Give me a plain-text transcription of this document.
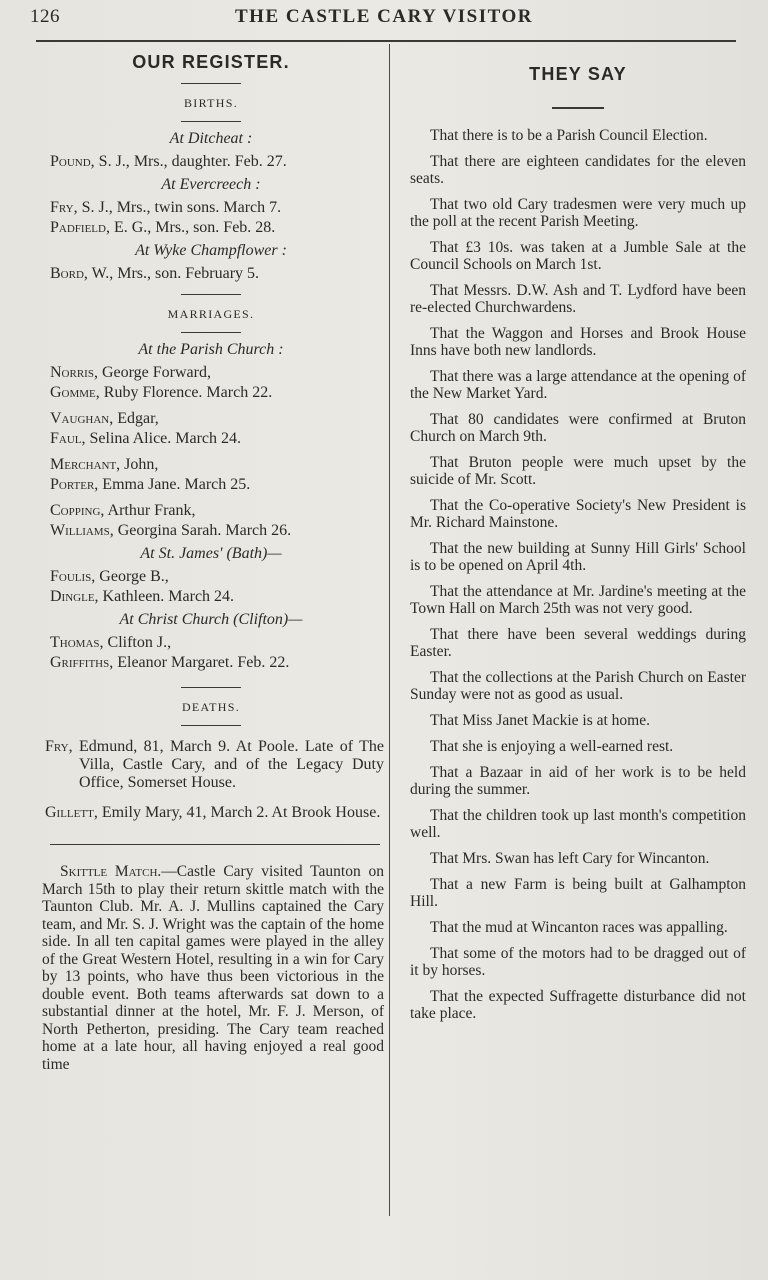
126	THE CASTLE CARY VISITOR
OUR REGISTER.
BIRTHS.
At Ditcheat :
Pound, S. J., Mrs., daughter. Feb. 27.
At Evercreech :
Fry, S. J., Mrs., twin sons. March 7.
Padfield, E. G., Mrs., son. Feb. 28.
At Wyke Champflower :
Bord, W., Mrs., son. February 5.
MARRIAGES.
At the Parish Church :
Norris, George Forward,
Gomme, Ruby Florence. March 22.
Vaughan, Edgar,
Faul, Selina Alice. March 24.
Merchant, John,
Porter, Emma Jane. March 25.
Copping, Arthur Frank,
Williams, Georgina Sarah. March 26.
At St. James' (Bath)—
Foulis, George B.,
Dingle, Kathleen. March 24.
At Christ Church (Clifton)—
Thomas, Clifton J.,
Griffiths, Eleanor Margaret. Feb. 22.
DEATHS.
Fry, Edmund, 81, March 9. At Poole. Late of The Villa, Castle Cary, and of the Legacy Duty Office, Somerset House.
Gillett, Emily Mary, 41, March 2. At Brook House.
Skittle Match.—Castle Cary visited Taunton on March 15th to play their return skittle match with the Taunton Club. Mr. A. J. Mullins captained the Cary team, and Mr. S. J. Wright was the captain of the home side. In all ten capital games were played in the alley of the Great Western Hotel, resulting in a win for Cary by 13 points, who have thus been victorious in the double event. Both teams afterwards sat down to a substantial dinner at the hotel, Mr. F. J. Merson, of North Petherton, presiding. The Cary team reached home at a late hour, all having enjoyed a real good time
THEY SAY

That there is to be a Parish Council Election.

That there are eighteen candidates for the eleven seats.

That two old Cary tradesmen were very much up the poll at the recent Parish Meeting.

That £3 10s. was taken at a Jumble Sale at the Council Schools on March 1st.

That Messrs. D.W. Ash and T. Lydford have been re-elected Churchwardens.

That the Waggon and Horses and Brook House Inns have both new landlords.

That there was a large attendance at the opening of the New Market Yard.

That 80 candidates were confirmed at Bruton Church on March 9th.

That Bruton people were much upset by the suicide of Mr. Scott.

That the Co-operative Society's New President is Mr. Richard Mainstone.

That the new building at Sunny Hill Girls' School is to be opened on April 4th.

That the attendance at Mr. Jardine's meeting at the Town Hall on March 25th was not very good.

That there have been several weddings during Easter.

That the collections at the Parish Church on Easter Sunday were not as good as usual.

That Miss Janet Mackie is at home.

That she is enjoying a well-earned rest.

That a Bazaar in aid of her work is to be held during the summer.

That the children took up last month's competition well.

That Mrs. Swan has left Cary for Wincanton.

That a new Farm is being built at Galhampton Hill.

That the mud at Wincanton races was appalling.

That some of the motors had to be dragged out of it by horses.

That the expected Suffragette disturbance did not take place.
